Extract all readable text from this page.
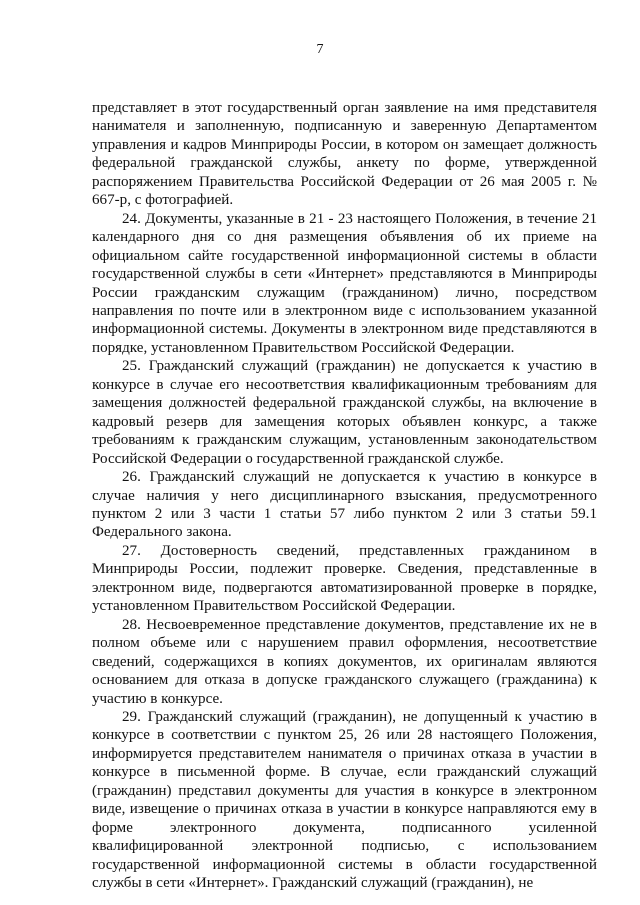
7

представляет в этот государственный орган заявление на имя представителя нанимателя и заполненную, подписанную и заверенную Департаментом управления и кадров Минприроды России, в котором он замещает должность федеральной гражданской службы, анкету по форме, утвержденной распоряжением Правительства Российской Федерации от 26 мая 2005 г. № 667-р, с фотографией.

24. Документы, указанные в 21 - 23 настоящего Положения, в течение 21 календарного дня со дня размещения объявления об их приеме на официальном сайте государственной информационной системы в области государственной службы в сети «Интернет» представляются в Минприроды России гражданским служащим (гражданином) лично, посредством направления по почте или в электронном виде с использованием указанной информационной системы. Документы в электронном виде представляются в порядке, установленном Правительством Российской Федерации.

25. Гражданский служащий (гражданин) не допускается к участию в конкурсе в случае его несоответствия квалификационным требованиям для замещения должностей федеральной гражданской службы, на включение в кадровый резерв для замещения которых объявлен конкурс, а также требованиям к гражданским служащим, установленным законодательством Российской Федерации о государственной гражданской службе.

26. Гражданский служащий не допускается к участию в конкурсе в случае наличия у него дисциплинарного взыскания, предусмотренного пунктом 2 или 3 части 1 статьи 57 либо пунктом 2 или 3 статьи 59.1 Федерального закона.

27. Достоверность сведений, представленных гражданином в Минприроды России, подлежит проверке. Сведения, представленные в электронном виде, подвергаются автоматизированной проверке в порядке, установленном Правительством Российской Федерации.

28. Несвоевременное представление документов, представление их не в полном объеме или с нарушением правил оформления, несоответствие сведений, содержащихся в копиях документов, их оригиналам являются основанием для отказа в допуске гражданского служащего (гражданина) к участию в конкурсе.

29. Гражданский служащий (гражданин), не допущенный к участию в конкурсе в соответствии с пунктом 25, 26 или 28 настоящего Положения, информируется представителем нанимателя о причинах отказа в участии в конкурсе в письменной форме. В случае, если гражданский служащий (гражданин) представил документы для участия в конкурсе в электронном виде, извещение о причинах отказа в участии в конкурсе направляются ему в форме электронного документа, подписанного усиленной квалифицированной электронной подписью, с использованием государственной информационной системы в области государственной службы в сети «Интернет». Гражданский служащий (гражданин), не
